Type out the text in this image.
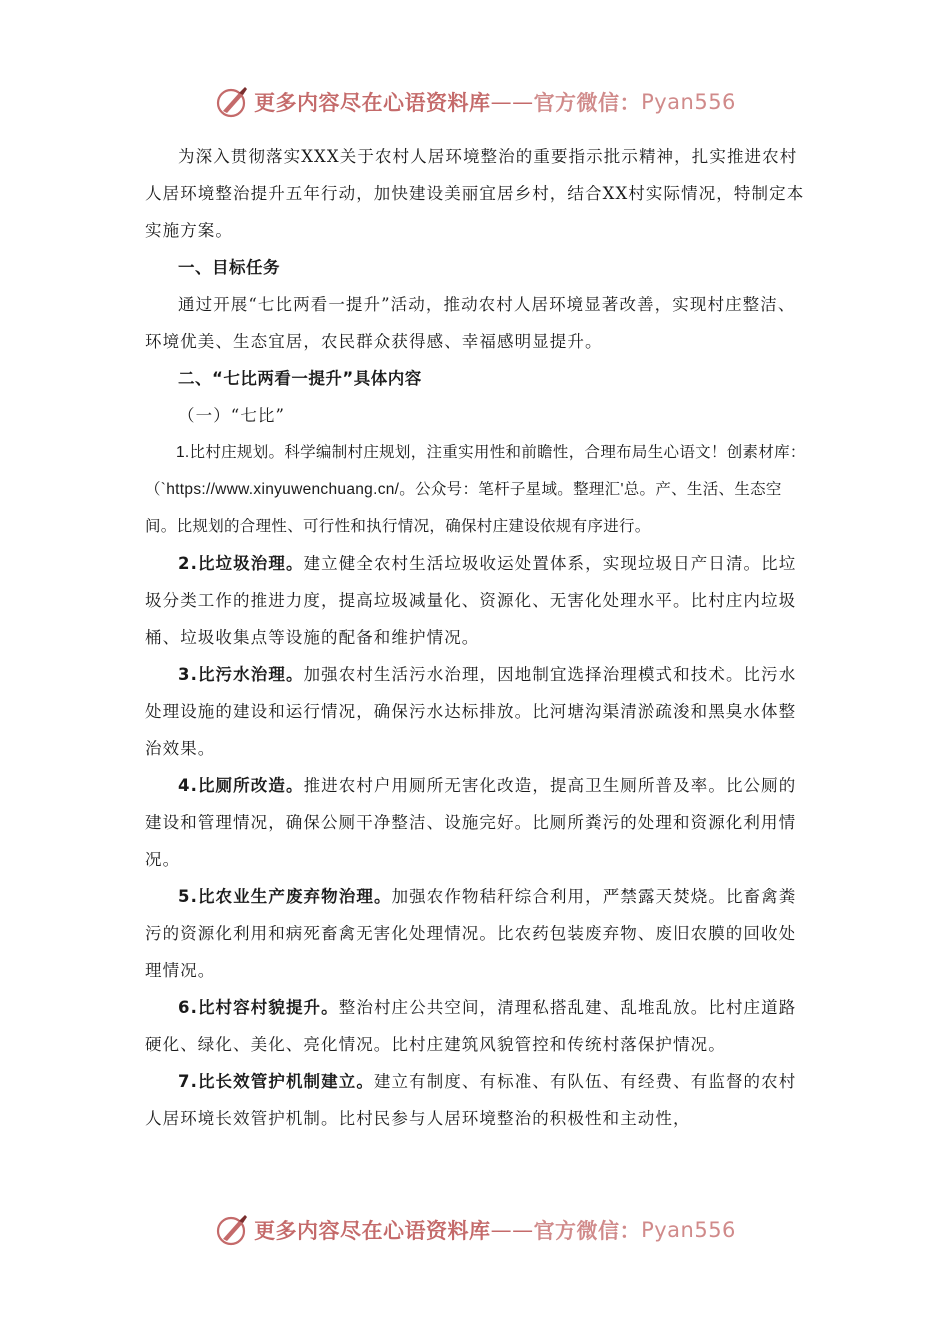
更多内容尽在心语资料库 —— 官方微信： Pyan556

为深入贯彻落实XXX关于农村人居环境整治的重要指示批示精神，扎实推进农村人居环境整治提升五年行动，加快建设美丽宜居乡村，结合XX村实际情况，特制定本实施方案。

一、目标任务

通过开展“七比两看一提升”活动，推动农村人居环境显著改善，实现村庄整洁、环境优美、生态宜居，农民群众获得感、幸福感明显提升。

二、“七比两看一提升”具体内容

（一）“七比”

1.比村庄规划。科学编制村庄规划，注重实用性和前瞻性，合理布局生心语文！创素材库：（`https://www.xinyuwenchuang.cn/。公众号：笔杆子星域。整理汇'总。产、生活、生态空间。比规划的合理性、可行性和执行情况，确保村庄建设依规有序进行。

2.比垃圾治理。建立健全农村生活垃圾收运处置体系，实现垃圾日产日清。比垃圾分类工作的推进力度，提高垃圾减量化、资源化、无害化处理水平。比村庄内垃圾桶、垃圾收集点等设施的配备和维护情况。

3.比污水治理。加强农村生活污水治理，因地制宜选择治理模式和技术。比污水处理设施的建设和运行情况，确保污水达标排放。比河塘沟渠清淤疏浚和黑臭水体整治效果。

4.比厕所改造。推进农村户用厕所无害化改造，提高卫生厕所普及率。比公厕的建设和管理情况，确保公厕干净整洁、设施完好。比厕所粪污的处理和资源化利用情况。

5.比农业生产废弃物治理。加强农作物秸秆综合利用，严禁露天焚烧。比畜禽粪污的资源化利用和病死畜禽无害化处理情况。比农药包装废弃物、废旧农膜的回收处理情况。

6.比村容村貌提升。整治村庄公共空间，清理私搭乱建、乱堆乱放。比村庄道路硬化、绿化、美化、亮化情况。比村庄建筑风貌管控和传统村落保护情况。

7.比长效管护机制建立。建立有制度、有标准、有队伍、有经费、有监督的农村人居环境长效管护机制。比村民参与人居环境整治的积极性和主动性，

更多内容尽在心语资料库 —— 官方微信： Pyan556
